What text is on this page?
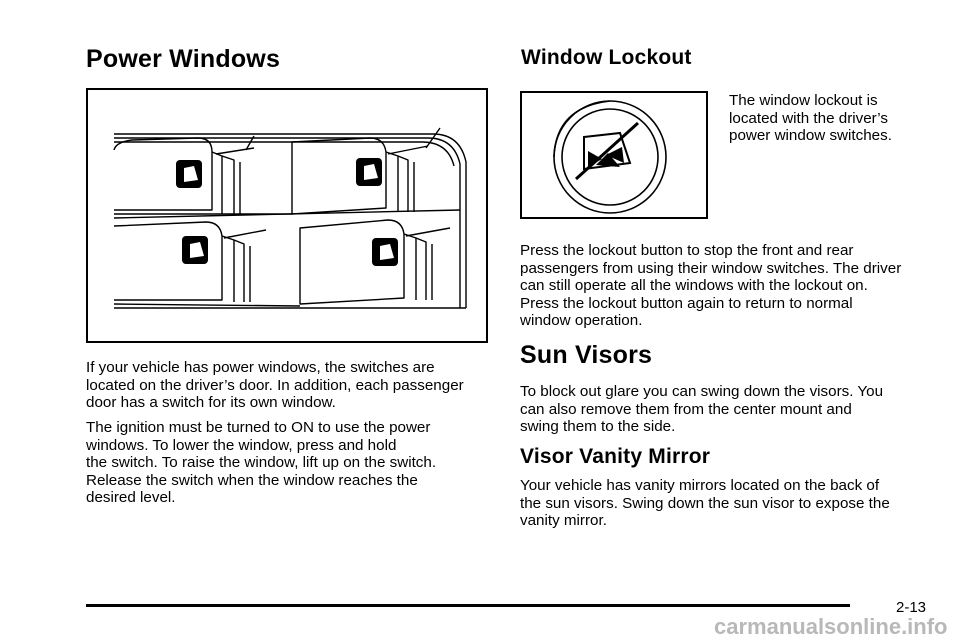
Power Windows

If your vehicle has power windows, the switches are
located on the driver’s door. In addition, each passenger
door has a switch for its own window.

The ignition must be turned to ON to use the power
windows. To lower the window, press and hold
the switch. To raise the window, lift up on the switch.
Release the switch when the window reaches the
desired level.

Window Lockout

The window lockout is
located with the driver’s
power window switches.

Press the lockout button to stop the front and rear
passengers from using their window switches. The driver
can still operate all the windows with the lockout on.
Press the lockout button again to return to normal
window operation.

Sun Visors

To block out glare you can swing down the visors. You
can also remove them from the center mount and
swing them to the side.

Visor Vanity Mirror

Your vehicle has vanity mirrors located on the back of
the sun visors. Swing down the sun visor to expose the
vanity mirror.

2-13
carmanualsonline.info
